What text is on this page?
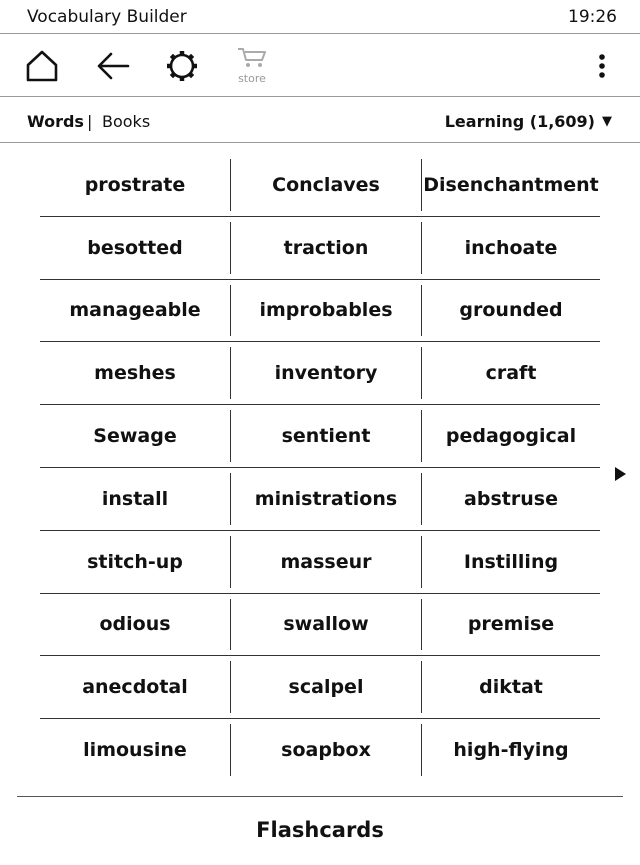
Vocabulary Builder	19:26
store
Words | Books	Learning (1,609) ▼
prostrate	Conclaves	Disenchantment
besotted	traction	inchoate
manageable	improbables	grounded
meshes	inventory	craft
Sewage	sentient	pedagogical
install	ministrations	abstruse
stitch-up	masseur	Instilling
odious	swallow	premise
anecdotal	scalpel	diktat
limousine	soapbox	high-flying
Flashcards
